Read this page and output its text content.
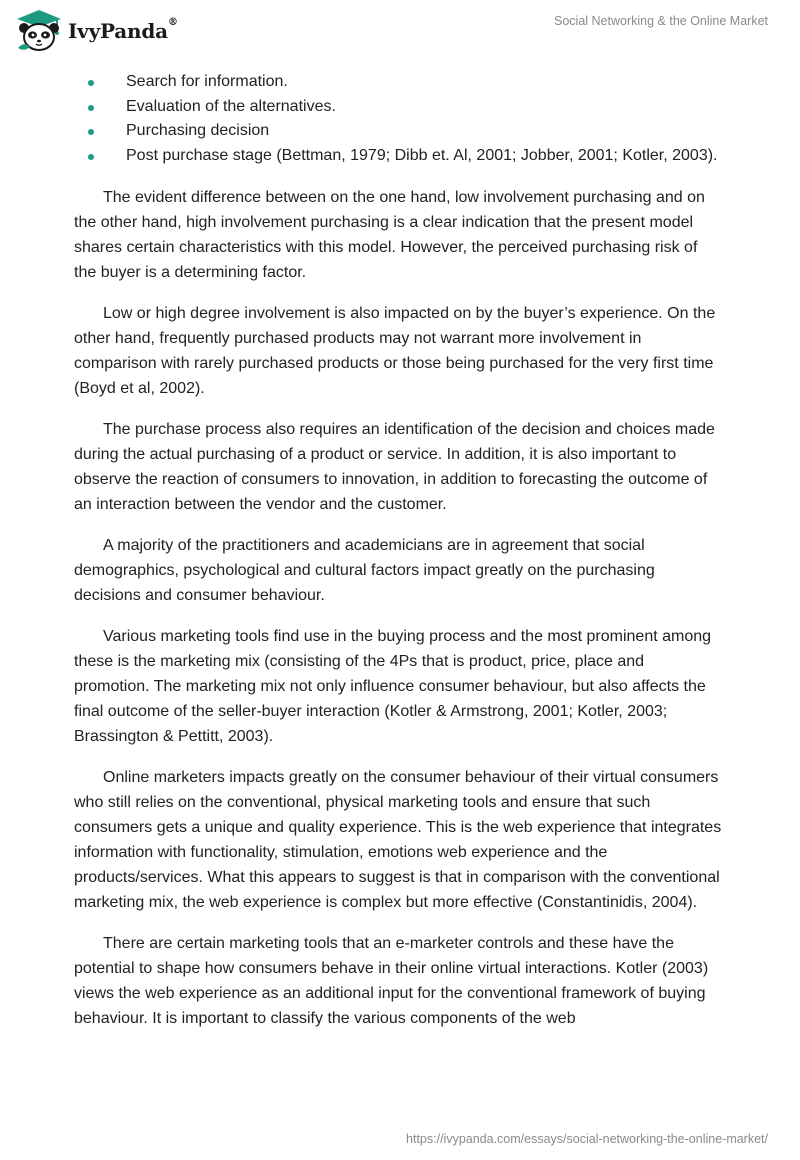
IvyPanda®	Social Networking & the Online Market
Search for information.
Evaluation of the alternatives.
Purchasing decision
Post purchase stage (Bettman, 1979; Dibb et. Al, 2001; Jobber, 2001; Kotler, 2003).

The evident difference between on the one hand, low involvement purchasing and on the other hand, high involvement purchasing is a clear indication that the present model shares certain characteristics with this model. However, the perceived purchasing risk of the buyer is a determining factor.

Low or high degree involvement is also impacted on by the buyer’s experience. On the other hand, frequently purchased products may not warrant more involvement in comparison with rarely purchased products or those being purchased for the very first time (Boyd et al, 2002).

The purchase process also requires an identification of the decision and choices made during the actual purchasing of a product or service. In addition, it is also important to observe the reaction of consumers to innovation, in addition to forecasting the outcome of an interaction between the vendor and the customer.

A majority of the practitioners and academicians are in agreement that social demographics, psychological and cultural factors impact greatly on the purchasing decisions and consumer behaviour.

Various marketing tools find use in the buying process and the most prominent among these is the marketing mix (consisting of the 4Ps that is product, price, place and promotion. The marketing mix not only influence consumer behaviour, but also affects the final outcome of the seller-buyer interaction (Kotler & Armstrong, 2001; Kotler, 2003; Brassington & Pettitt, 2003).

Online marketers impacts greatly on the consumer behaviour of their virtual consumers who still relies on the conventional, physical marketing tools and ensure that such consumers gets a unique and quality experience. This is the web experience that integrates information with functionality, stimulation, emotions web experience and the products/services. What this appears to suggest is that in comparison with the conventional marketing mix, the web experience is complex but more effective (Constantinidis, 2004).

There are certain marketing tools that an e-marketer controls and these have the potential to shape how consumers behave in their online virtual interactions. Kotler (2003) views the web experience as an additional input for the conventional framework of buying behaviour. It is important to classify the various components of the web

https://ivypanda.com/essays/social-networking-the-online-market/
